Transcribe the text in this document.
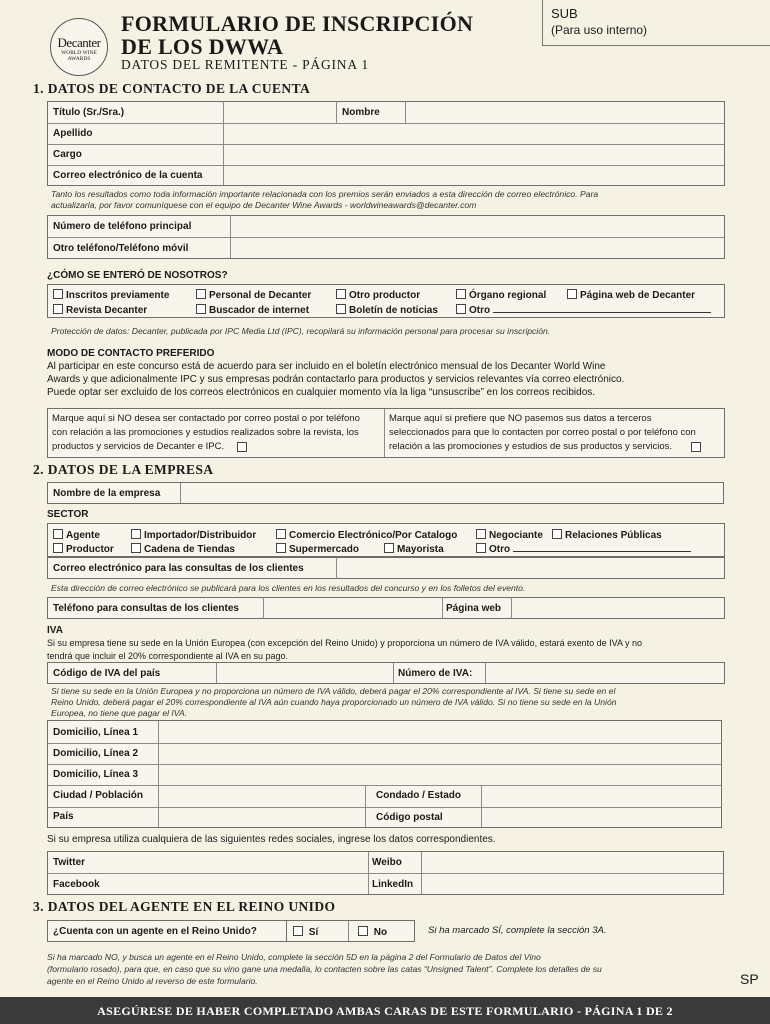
Decanter
WORLD WINE
AWARDS
FORMULARIO DE INSCRIPCIÓN
DE LOS DWWA
DATOS DEL REMITENTE - PÁGINA 1
SUB
(Para uso interno)
1. DATOS DE CONTACTO DE LA CUENTA
Título (Sr./Sra.)	Nombre
Apellido
Cargo
Correo electrónico de la cuenta
Tanto los resultados como toda información importante relacionada con los premios serán enviados a esta dirección de correo electrónico. Para
actualizarla, por favor comuníquese con el equipo de Decanter Wine Awards - worldwineawards@decanter.com
Número de teléfono principal
Otro teléfono/Teléfono móvil
¿CÓMO SE ENTERÓ DE NOSOTROS?
Inscritos previamente	Personal de Decanter	Otro productor	Órgano regional	Página web de Decanter
Revista Decanter	Buscador de internet	Boletín de noticias	Otro
Protección de datos: Decanter, publicada por IPC Media Ltd (IPC), recopilará su información personal para procesar su inscripción.
MODO DE CONTACTO PREFERIDO
Al participar en este concurso está de acuerdo para ser incluido en el boletín electrónico mensual de los Decanter World Wine
Awards y que adicionalmente IPC y sus empresas podrán contactarlo para productos y servicios relevantes vía correo electrónico.
Puede optar ser excluido de los correos electrónicos en cualquier momento vía la liga “unsuscribe” en los correos recibidos.
Marque aquí si NO desea ser contactado por correo postal o por teléfono
con relación a las promociones y estudios realizados sobre la revista, los
productos y servicios de Decanter e IPC.
Marque aquí si prefiere que NO pasemos sus datos a terceros
seleccionados para que lo contacten por correo postal o por teléfono con
relación a las promociones y estudios de sus productos y servicios.
2. DATOS DE LA EMPRESA
Nombre de la empresa
SECTOR
Agente	Importador/Distribuidor	Comercio Electrónico/Por Catalogo	Negociante	Relaciones Públicas
Productor	Cadena de Tiendas	Supermercado	Mayorista	Otro
Correo electrónico para las consultas de los clientes
Esta dirección de correo electrónico se publicará para los clientes en los resultados del concurso y en los folletos del evento.
Teléfono para consultas de los clientes	Página web
IVA
Si su empresa tiene su sede en la Unión Europea (con excepción del Reino Unido) y proporciona un número de IVA válido, estará exento de IVA y no
tendrá que incluir el 20% correspondiente al IVA en su pago.
Código de IVA del país	Número de IVA:
Si tiene su sede en la Unión Europea y no proporciona un número de IVA válido, deberá pagar el 20% correspondiente al IVA. Si tiene su sede en el
Reino Unido, deberá pagar el 20% correspondiente al IVA aún cuando haya proporcionado un número de IVA válido. Si no tiene su sede en la Unión
Europea, no tiene que pagar el IVA.
Domicilio, Línea 1
Domicilio, Línea 2
Domicilio, Línea 3
Ciudad / Población	Condado / Estado
País	Código postal
Si su empresa utiliza cualquiera de las siguientes redes sociales, ingrese los datos correspondientes.
Twitter	Weibo
Facebook	LinkedIn
3. DATOS DEL AGENTE EN EL REINO UNIDO
¿Cuenta con un agente en el Reino Unido?	Sí	No	Si ha marcado SÍ, complete la sección 3A.
Si ha marcado NO, y busca un agente en el Reino Unido, complete la sección 5D en la página 2 del Formulario de Datos del Vino
(formulario rosado), para que, en caso que su vino gane una medalla, lo contacten sobre las catas “Unsigned Talent”. Complete los detalles de su
agente en el Reino Unido al reverso de este formulario.	SP
ASEGÚRESE DE HABER COMPLETADO AMBAS CARAS DE ESTE FORMULARIO - PÁGINA 1 DE 2
